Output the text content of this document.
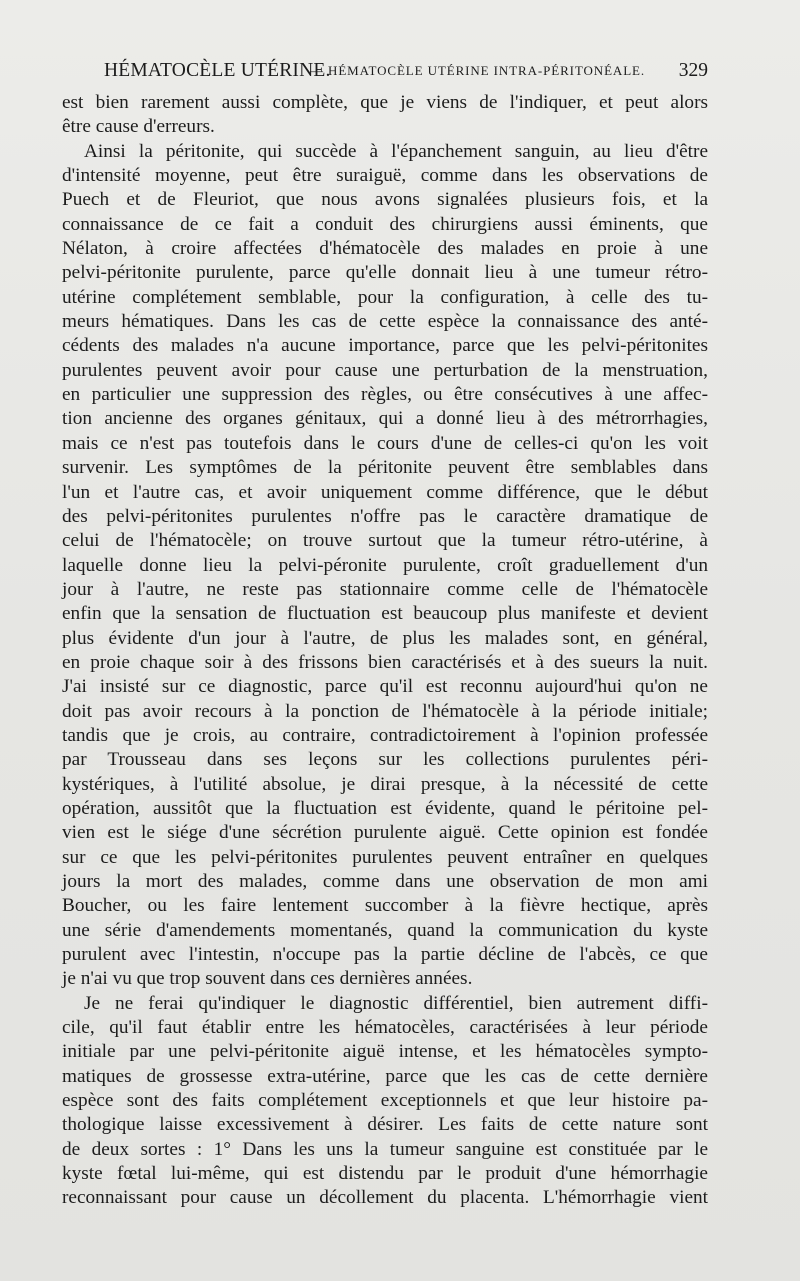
HÉMATOCÈLE UTÉRINE.
— HÉMATOCÈLE UTÉRINE INTRA-PÉRITONÉALE. 329
est bien rarement aussi complète, que je viens de l'indiquer, et peut alors
être cause d'erreurs.
Ainsi la péritonite, qui succède à l'épanchement sanguin, au lieu d'être
d'intensité moyenne, peut être suraiguë, comme dans les observations de
Puech et de Fleuriot, que nous avons signalées plusieurs fois, et la
connaissance de ce fait a conduit des chirurgiens aussi éminents, que
Nélaton, à croire affectées d'hématocèle des malades en proie à une
pelvi-péritonite purulente, parce qu'elle donnait lieu à une tumeur rétro-
utérine complétement semblable, pour la configuration, à celle des tu-
meurs hématiques. Dans les cas de cette espèce la connaissance des anté-
cédents des malades n'a aucune importance, parce que les pelvi-péritonites
purulentes peuvent avoir pour cause une perturbation de la menstruation,
en particulier une suppression des règles, ou être consécutives à une affec-
tion ancienne des organes génitaux, qui a donné lieu à des métrorrhagies,
mais ce n'est pas toutefois dans le cours d'une de celles-ci qu'on les voit
survenir. Les symptômes de la péritonite peuvent être semblables dans
l'un et l'autre cas, et avoir uniquement comme différence, que le début
des pelvi-péritonites purulentes n'offre pas le caractère dramatique de
celui de l'hématocèle; on trouve surtout que la tumeur rétro-utérine, à
laquelle donne lieu la pelvi-péronite purulente, croît graduellement d'un
jour à l'autre, ne reste pas stationnaire comme celle de l'hématocèle
enfin que la sensation de fluctuation est beaucoup plus manifeste et devient
plus évidente d'un jour à l'autre, de plus les malades sont, en général,
en proie chaque soir à des frissons bien caractérisés et à des sueurs la nuit.
J'ai insisté sur ce diagnostic, parce qu'il est reconnu aujourd'hui qu'on ne
doit pas avoir recours à la ponction de l'hématocèle à la période initiale;
tandis que je crois, au contraire, contradictoirement à l'opinion professée
par Trousseau dans ses leçons sur les collections purulentes péri-
kystériques, à l'utilité absolue, je dirai presque, à la nécessité de cette
opération, aussitôt que la fluctuation est évidente, quand le péritoine pel-
vien est le siége d'une sécrétion purulente aiguë. Cette opinion est fondée
sur ce que les pelvi-péritonites purulentes peuvent entraîner en quelques
jours la mort des malades, comme dans une observation de mon ami
Boucher, ou les faire lentement succomber à la fièvre hectique, après
une série d'amendements momentanés, quand la communication du kyste
purulent avec l'intestin, n'occupe pas la partie décline de l'abcès, ce que
je n'ai vu que trop souvent dans ces dernières années.
Je ne ferai qu'indiquer le diagnostic différentiel, bien autrement diffi-
cile, qu'il faut établir entre les hématocèles, caractérisées à leur période
initiale par une pelvi-péritonite aiguë intense, et les hématocèles sympto-
matiques de grossesse extra-utérine, parce que les cas de cette dernière
espèce sont des faits complétement exceptionnels et que leur histoire pa-
thologique laisse excessivement à désirer. Les faits de cette nature sont
de deux sortes : 1° Dans les uns la tumeur sanguine est constituée par le
kyste fœtal lui-même, qui est distendu par le produit d'une hémorrhagie
reconnaissant pour cause un décollement du placenta. L'hémorrhagie vient
